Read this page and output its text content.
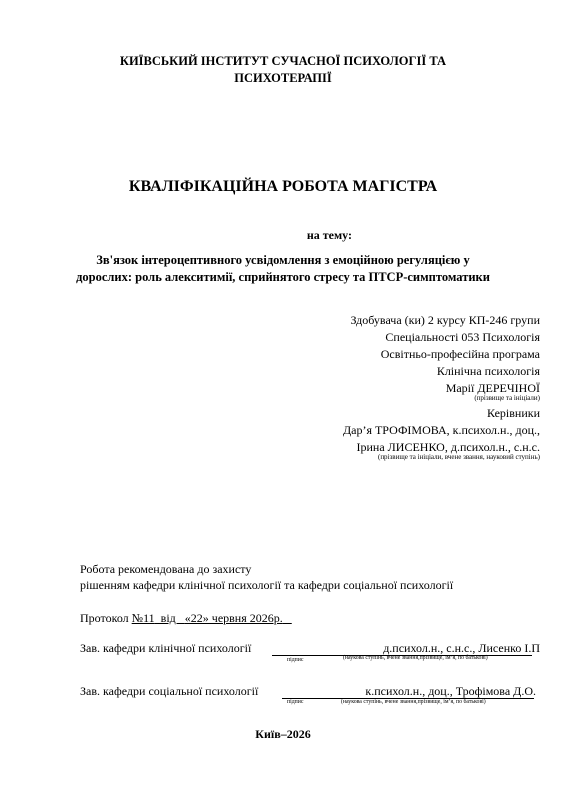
КИЇВСЬКИЙ ІНСТИТУТ СУЧАСНОЇ ПСИХОЛОГІЇ ТА
ПСИХОТЕРАПІЇ
КВАЛІФІКАЦІЙНА РОБОТА МАГІСТРА
на тему:
Зв'язок інтероцептивного усвідомлення з емоційною регуляцією у
дорослих: роль алекситимії, сприйнятого стресу та ПТСР-симптоматики
Здобувача (ки) 2 курсу КП-246 групи
Спеціальності 053 Психологія
Освітньо-професійна програма
Клінічна психологія
Марії ДЕРЕЧІНОЇ
(прізвище та ініціали)
Керівники
Дар’я ТРОФІМОВА, к.психол.н., доц.,
Ірина ЛИСЕНКО, д.психол.н., с.н.с.
(прізвище та ініціали, вчене звання, науковий ступінь)
Робота рекомендована до захисту
рішенням кафедри клінічної психології та кафедри соціальної психології
Протокол №11  від   «22» червня 2026р.
Зав. кафедри клінічної психології	д.психол.н., с.н.с., Лисенко І.П
підпис	(наукова ступінь, вчене звання,прізвище, ім’я, по батькові)
Зав. кафедри соціальної психології	к.психол.н., доц., Трофімова Д.О.
підпис	(наукова ступінь, вчене звання,прізвище, ім’я, по батькові)
Київ–2026
